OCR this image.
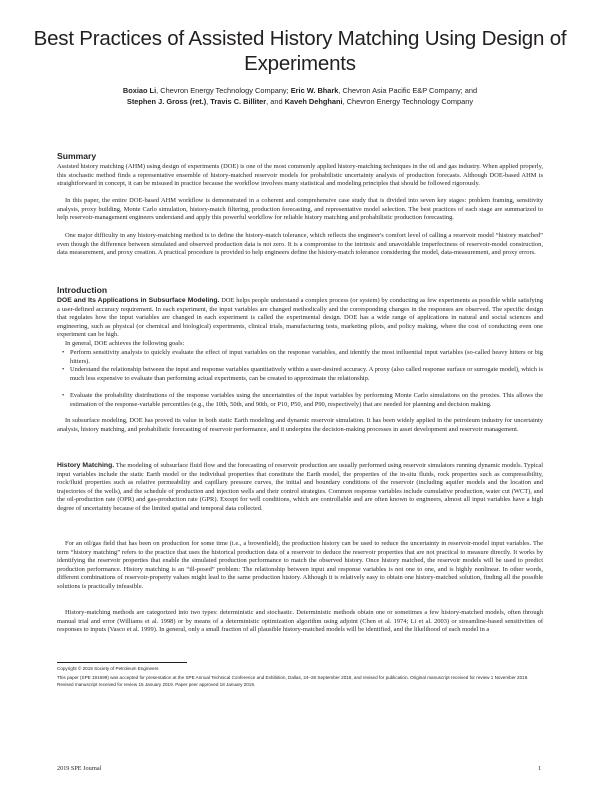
Best Practices of Assisted History Matching Using Design of Experiments
Boxiao Li, Chevron Energy Technology Company; Eric W. Bhark, Chevron Asia Pacific E&P Company; and
Stephen J. Gross (ret.), Travis C. Billiter, and Kaveh Dehghani, Chevron Energy Technology Company
Summary
Assisted history matching (AHM) using design of experiments (DOE) is one of the most commonly applied history-matching techniques in the oil and gas industry. When applied properly, this stochastic method finds a representative ensemble of history-matched reservoir models for probabilistic uncertainty analysis of production forecasts. Although DOE-based AHM is straightforward in concept, it can be misused in practice because the workflow involves many statistical and modeling principles that should be followed rigorously.
In this paper, the entire DOE-based AHM workflow is demonstrated in a coherent and comprehensive case study that is divided into seven key stages: problem framing, sensitivity analysis, proxy building, Monte Carlo simulation, history-match filtering, production forecasting, and representative model selection. The best practices of each stage are summarized to help reservoir-management engineers understand and apply this powerful workflow for reliable history matching and probabilistic production forecasting.
One major difficulty in any history-matching method is to define the history-match tolerance, which reflects the engineer's comfort level of calling a reservoir model “history matched” even though the difference between simulated and observed production data is not zero. It is a compromise to the intrinsic and unavoidable imperfectness of reservoir-model construction, data measurement, and proxy creation. A practical procedure is provided to help engineers define the history-match tolerance considering the model, data-measurement, and proxy errors.
Introduction
DOE and Its Applications in Subsurface Modeling. DOE helps people understand a complex process (or system) by conducting as few experiments as possible while satisfying a user-defined accuracy requirement. In each experiment, the input variables are changed methodically and the corresponding changes in the responses are observed. The specific design that regulates how the input variables are changed in each experiment is called the experimental design. DOE has a wide range of applications in natural and social sciences and engineering, such as physical (or chemical and biological) experiments, clinical trials, manufacturing tests, marketing pilots, and policy making, where the cost of conducting even one experiment can be high.
In general, DOE achieves the following goals:
• Perform sensitivity analysis to quickly evaluate the effect of input variables on the response variables, and identify the most influential input variables (so-called heavy hitters or big hitters).
• Understand the relationship between the input and response variables quantitatively within a user-desired accuracy. A proxy (also called response surface or surrogate model), which is much less expensive to evaluate than performing actual experiments, can be created to approximate the relationship.
• Evaluate the probability distributions of the response variables using the uncertainties of the input variables by performing Monte Carlo simulations on the proxies. This allows the estimation of the response-variable percentiles (e.g., the 10th, 50th, and 90th, or P10, P50, and P90, respectively) that are needed for planning and decision making.
In subsurface modeling, DOE has proved its value in both static Earth modeling and dynamic reservoir simulation. It has been widely applied in the petroleum industry for uncertainty analysis, history matching, and probabilistic forecasting of reservoir performance, and it underpins the decision-making processes in asset development and reservoir management.
History Matching. The modeling of subsurface fluid flow and the forecasting of reservoir production are usually performed using reservoir simulators running dynamic models. Typical input variables include the static Earth model or the individual properties that constitute the Earth model, the properties of the in-situ fluids, rock properties such as compressibility, rock/fluid properties such as relative permeability and capillary pressure curves, the initial and boundary conditions of the reservoir (including aquifer models and the location and trajectories of the wells), and the schedule of production and injection wells and their control strategies. Common response variables include cumulative production, water cut (WCT), and the oil-production rate (OPR) and gas-production rate (GPR). Except for well conditions, which are controllable and are often known to engineers, almost all input variables have a high degree of uncertainty because of the limited spatial and temporal data collected.
For an oil/gas field that has been on production for some time (i.e., a brownfield), the production history can be used to reduce the uncertainty in reservoir-model input variables. The term “history matching” refers to the practice that uses the historical production data of a reservoir to deduce the reservoir properties that are not practical to measure directly. It works by identifying the reservoir properties that enable the simulated production performance to match the observed history. Once history matched, the reservoir models will be used to predict production performance. History matching is an “ill-posed” problem: The relationship between input and response variables is not one to one, and is highly nonlinear. In other words, different combinations of reservoir-property values might lead to the same production history. Although it is relatively easy to obtain one history-matched solution, finding all the possible solutions is practically infeasible.
History-matching methods are categorized into two types: deterministic and stochastic. Deterministic methods obtain one or sometimes a few history-matched models, often through manual trial and error (Williams et al. 1998) or by means of a deterministic optimization algorithm using adjoint (Chen et al. 1974; Li et al. 2003) or streamline-based sensitivities of responses to inputs (Vasco et al. 1999). In general, only a small fraction of all plausible history-matched models will be identified, and the likelihood of each model in a
Copyright © 2019 Society of Petroleum Engineers
This paper (SPE 191699) was accepted for presentation at the SPE Annual Technical Conference and Exhibition, Dallas, 24–26 September 2018, and revised for publication. Original manuscript received for review 1 November 2018. Revised manuscript received for review 15 January 2019. Paper peer approved 18 January 2019.
2019 SPE Journal	1
